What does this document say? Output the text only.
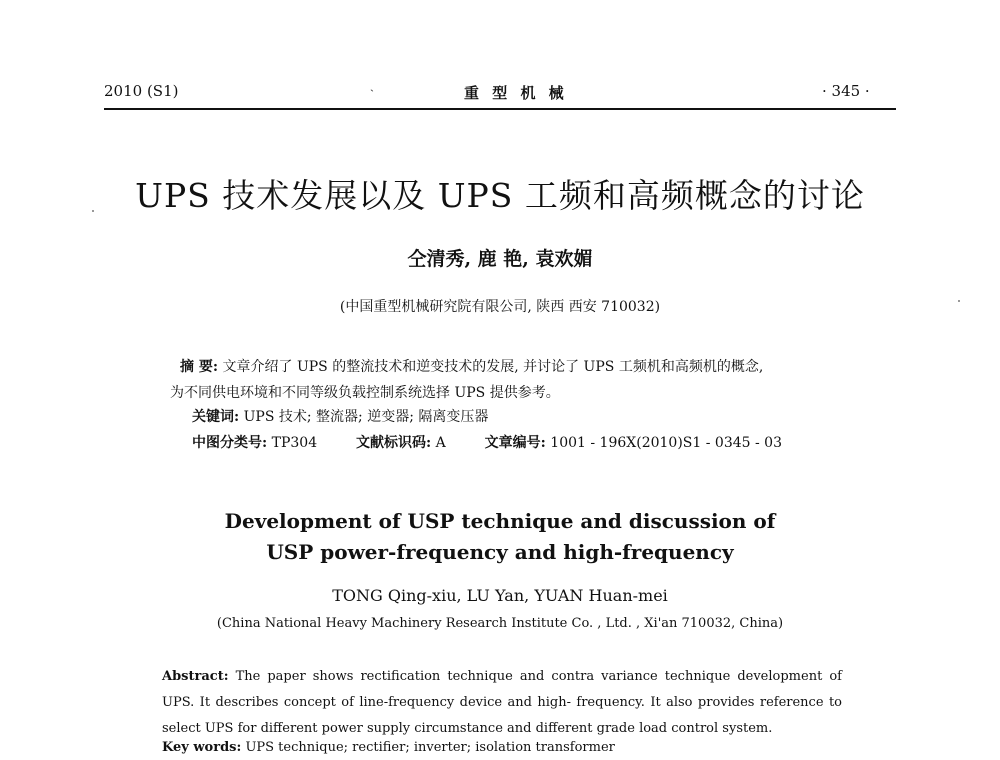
2010 (S1)	ˎ	重 型 机 械	· 345 ·
UPS 技术发展以及 UPS 工频和高频概念的讨论
仝清秀, 鹿 艳, 袁欢媚
(中国重型机械研究院有限公司, 陕西 西安 710032)
摘 要: 文章介绍了 UPS 的整流技术和逆变技术的发展, 并讨论了 UPS 工频机和高频机的概念,
为不同供电环境和不同等级负载控制系统选择 UPS 提供参考。
关键词: UPS 技术; 整流器; 逆变器; 隔离变压器
中图分类号: TP304	文献标识码: A	文章编号: 1001 - 196X(2010)S1 - 0345 - 03
Development of USP technique and discussion of
USP power-frequency and high-frequency
TONG Qing-xiu, LU Yan, YUAN Huan-mei
(China National Heavy Machinery Research Institute Co. , Ltd. , Xi'an 710032, China)
Abstract: The paper shows rectification technique and contra variance technique development of UPS. It describes concept of line-frequency device and high- frequency. It also provides reference to select UPS for different power supply circumstance and different grade load control system.
Key words: UPS technique; rectifier; inverter; isolation transformer
